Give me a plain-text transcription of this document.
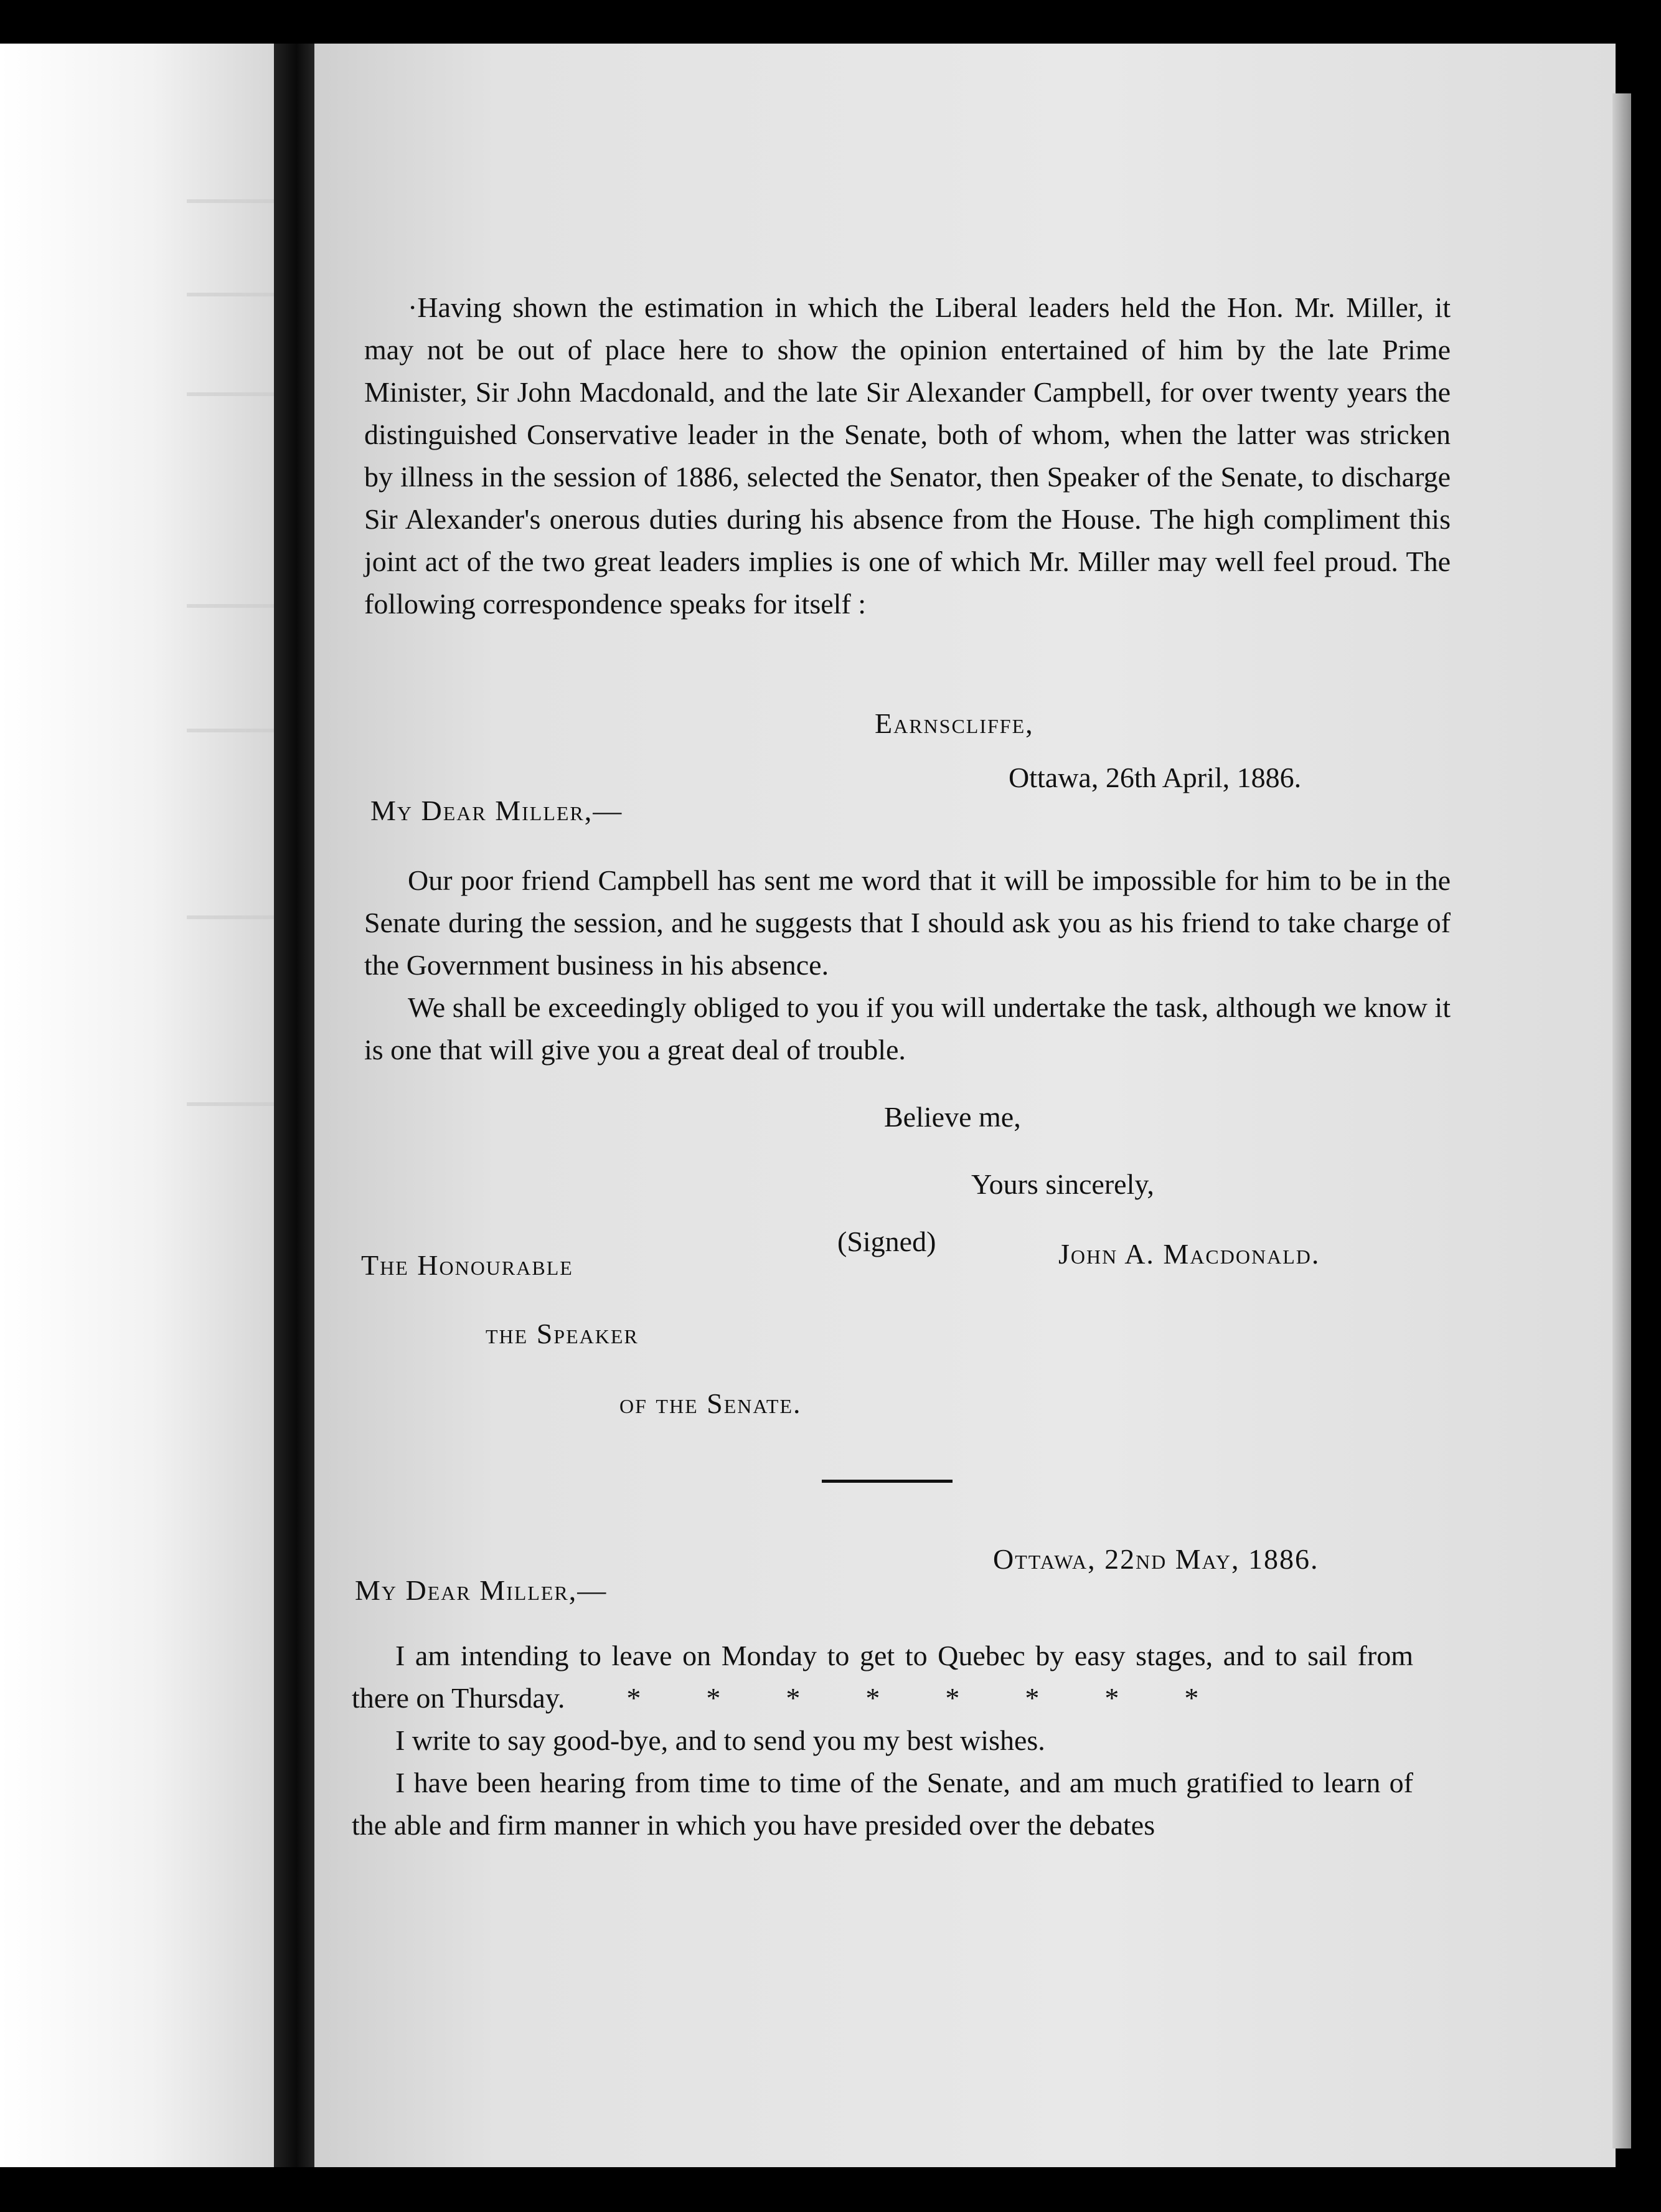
·Having shown the estimation in which the Liberal leaders held the Hon. Mr. Miller, it may not be out of place here to show the opinion entertained of him by the late Prime Minister, Sir John Macdonald, and the late Sir Alexander Campbell, for over twenty years the distinguished Conservative leader in the Senate, both of whom, when the latter was stricken by illness in the session of 1886, selected the Senator, then Speaker of the Senate, to discharge Sir Alexander's onerous duties during his absence from the House. The high compliment this joint act of the two great leaders implies is one of which Mr. Miller may well feel proud. The following correspondence speaks for itself :

Earnscliffe,
Ottawa, 26th April, 1886.
My Dear Miller,—

Our poor friend Campbell has sent me word that it will be impossible for him to be in the Senate during the session, and he suggests that I should ask you as his friend to take charge of the Government business in his absence.

We shall be exceedingly obliged to you if you will undertake the task, although we know it is one that will give you a great deal of trouble.

Believe me,
Yours sincerely,
(Signed)	John A. Macdonald.
The Honourable
the Speaker
of the Senate.
Ottawa, 22nd May, 1886.
My Dear Miller,—

I am intending to leave on Monday to get to Quebec by easy stages, and to sail from there on Thursday. * * * * * * * *

I write to say good-bye, and to send you my best wishes.

I have been hearing from time to time of the Senate, and am much gratified to learn of the able and firm manner in which you have presided over the debates
